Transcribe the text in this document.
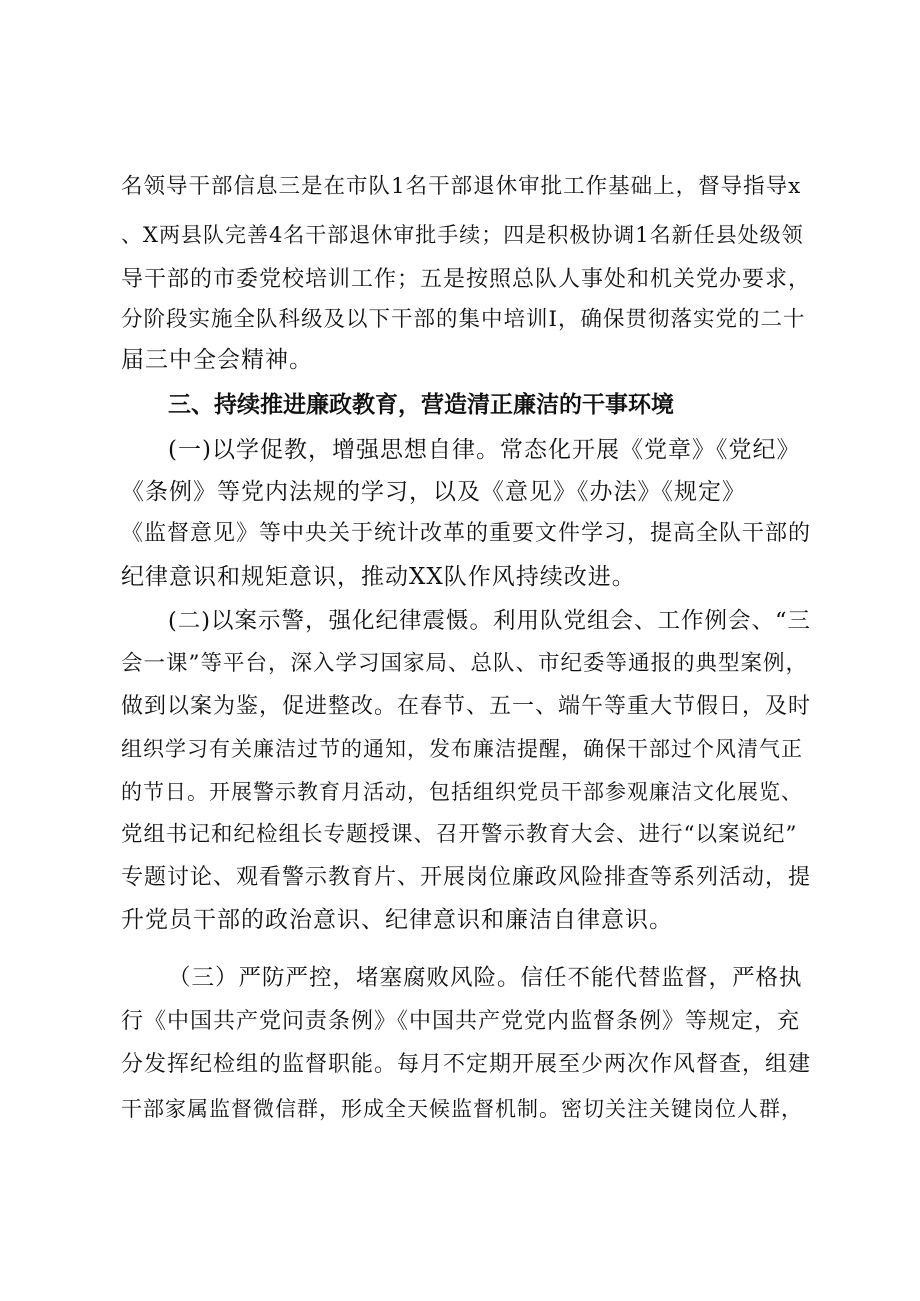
名领导干部信息三是在市队1名干部退休审批工作基础上，督导指导x
、X两县队完善4名干部退休审批手续；四是积极协调1名新任县处级领
导干部的市委党校培训工作；五是按照总队人事处和机关党办要求，
分阶段实施全队科级及以下干部的集中培训I，确保贯彻落实党的二十
届三中全会精神。
三、持续推进廉政教育，营造清正廉洁的干事环境
(一)以学促教，增强思想自律。常态化开展《党章》《党纪》
《条例》等党内法规的学习，以及《意见》《办法》《规定》
《监督意见》等中央关于统计改革的重要文件学习，提高全队干部的
纪律意识和规矩意识，推动XX队作风持续改进。
(二)以案示警，强化纪律震慑。利用队党组会、工作例会、“三
会一课”等平台，深入学习国家局、总队、市纪委等通报的典型案例，
做到以案为鉴，促进整改。在春节、五一、端午等重大节假日，及时
组织学习有关廉洁过节的通知，发布廉洁提醒，确保干部过个风清气正
的节日。开展警示教育月活动，包括组织党员干部参观廉洁文化展览、
党组书记和纪检组长专题授课、召开警示教育大会、进行“以案说纪”
专题讨论、观看警示教育片、开展岗位廉政风险排查等系列活动，提
升党员干部的政治意识、纪律意识和廉洁自律意识。
（三）严防严控，堵塞腐败风险。信任不能代替监督，严格执
行《中国共产党问责条例》《中国共产党党内监督条例》等规定，充
分发挥纪检组的监督职能。每月不定期开展至少两次作风督查，组建
干部家属监督微信群，形成全天候监督机制。密切关注关键岗位人群，
